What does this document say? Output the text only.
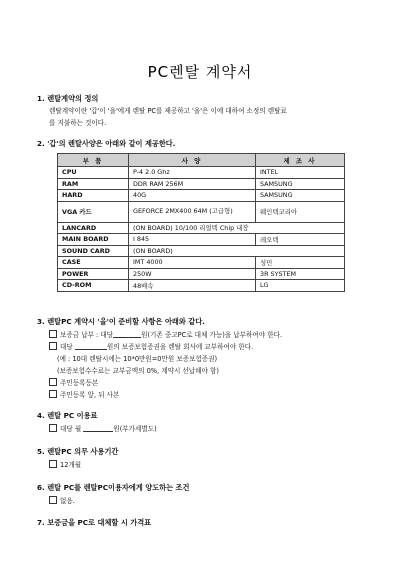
PC렌탈 계약서
1. 렌탈계약의 정의
렌탈계약이란 '갑'이 '을'에게 렌탈 PC를 제공하고 '을'은 이에 대하여 소정의 렌탈료
를 지불하는 것이다.
2. '갑'의 렌탈사양은 아래와 같이 제공한다.
부 품	사 양	제 조 사
CPU	P-4 2.0 Ghz	INTEL
RAM	DDR RAM 256M	SAMSUNG
HARD	40G	SAMSUNG
VGA 카드	GEFORCE 2MX400 64M (고급형)	웨인텍코리아
LANCARD	(ON BOARD) 10/100 리얼텍 Chip 내장	
MAIN BOARD	I 845	레오텍
SOUND CARD	(ON BOARD)	
CASE	IMT 4000	성민
POWER	250W	3R SYSTEM
CD-ROM	48배속	LG
3. 렌탈PC 계약시 '을'이 준비할 사항은 아래와 같다.
보증금 납부 : 대당	원(기존 중고PC로 대체 가능)을 납부하여야 한다.
대당	원의 보증보험증권을 렌탈 회사에 교부하여야 한다.
(예 : 10대 렌탈시에는 10*0만원=0만원 보증보험증권)
(보증보험수수료는 교부금액의 0%, 계약시 선납해야 함)
주민등록등본
주민등록 앞, 뒤 사본
4. 렌탈 PC 이용료
대당 월	원(부가세별도)
5. 렌탈PC 의무 사용기간
12개월
6. 렌탈 PC를 렌탈PC이용자에게 양도하는 조건
없음.
7. 보증금을 PC로 대체할 시 가격표
